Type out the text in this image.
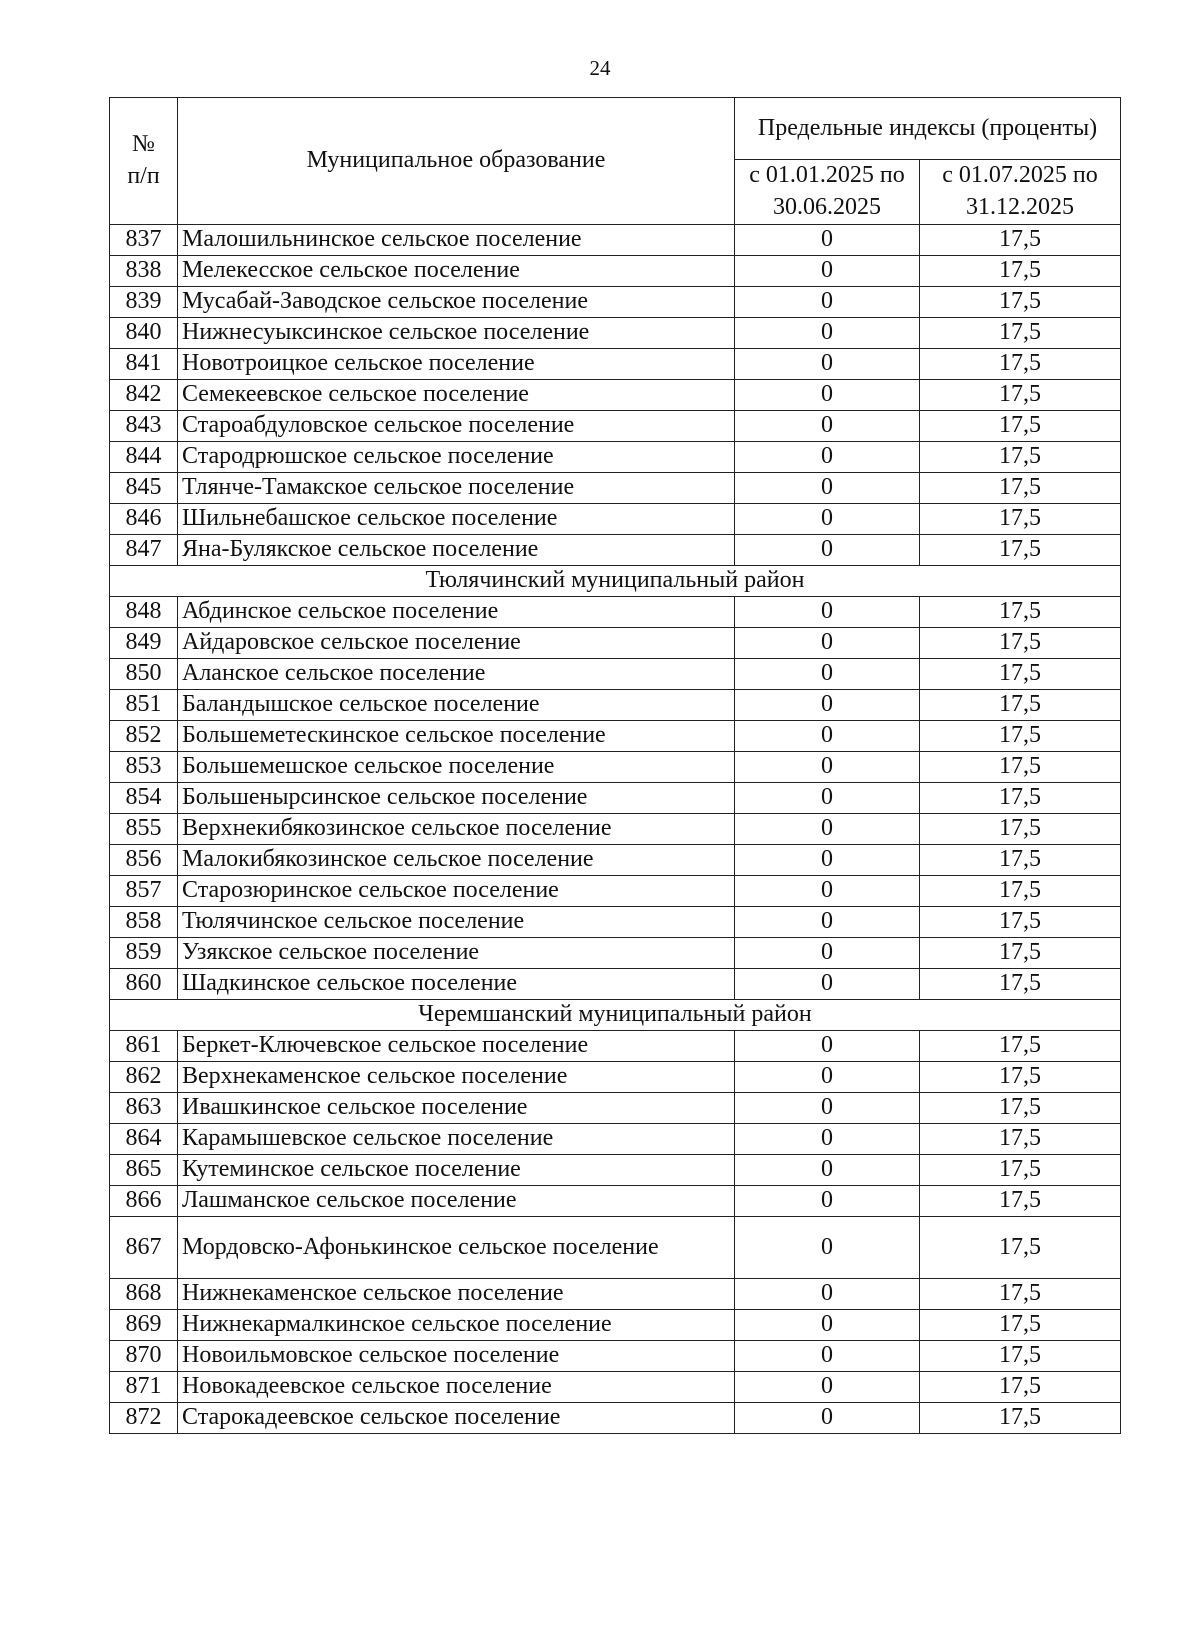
24
№
п/п	Муниципальное образование	Предельные индексы (проценты)	
		с 01.01.2025 по 30.06.2025	с 01.07.2025 по 31.12.2025
837	Малошильнинское сельское поселение	0	17,5
838	Мелекесское сельское поселение	0	17,5
839	Мусабай-Заводское сельское поселение	0	17,5
840	Нижнесуыксинское сельское поселение	0	17,5
841	Новотроицкое сельское поселение	0	17,5
842	Семекеевское сельское поселение	0	17,5
843	Староабдуловское сельское поселение	0	17,5
844	Стародрюшское сельское поселение	0	17,5
845	Тлянче-Тамакское сельское поселение	0	17,5
846	Шильнебашское сельское поселение	0	17,5
847	Яна-Булякское сельское поселение	0	17,5
Тюлячинский муниципальный район			
848	Абдинское сельское поселение	0	17,5
849	Айдаровское сельское поселение	0	17,5
850	Аланское сельское поселение	0	17,5
851	Баландышское сельское поселение	0	17,5
852	Большеметескинское сельское поселение	0	17,5
853	Большемешское сельское поселение	0	17,5
854	Большенырсинское сельское поселение	0	17,5
855	Верхнекибякозинское сельское поселение	0	17,5
856	Малокибякозинское сельское поселение	0	17,5
857	Старозюринское сельское поселение	0	17,5
858	Тюлячинское сельское поселение	0	17,5
859	Узякское сельское поселение	0	17,5
860	Шадкинское сельское поселение	0	17,5
Черемшанский муниципальный район			
861	Беркет-Ключевское сельское поселение	0	17,5
862	Верхнекаменское сельское поселение	0	17,5
863	Ивашкинское сельское поселение	0	17,5
864	Карамышевское сельское поселение	0	17,5
865	Кутеминское сельское поселение	0	17,5
866	Лашманское сельское поселение	0	17,5
867	Мордовско-Афонькинское сельское поселение	0	17,5
868	Нижнекаменское сельское поселение	0	17,5
869	Нижнекармалкинское сельское поселение	0	17,5
870	Новоильмовское сельское поселение	0	17,5
871	Новокадеевское сельское поселение	0	17,5
872	Старокадеевское сельское поселение	0	17,5
